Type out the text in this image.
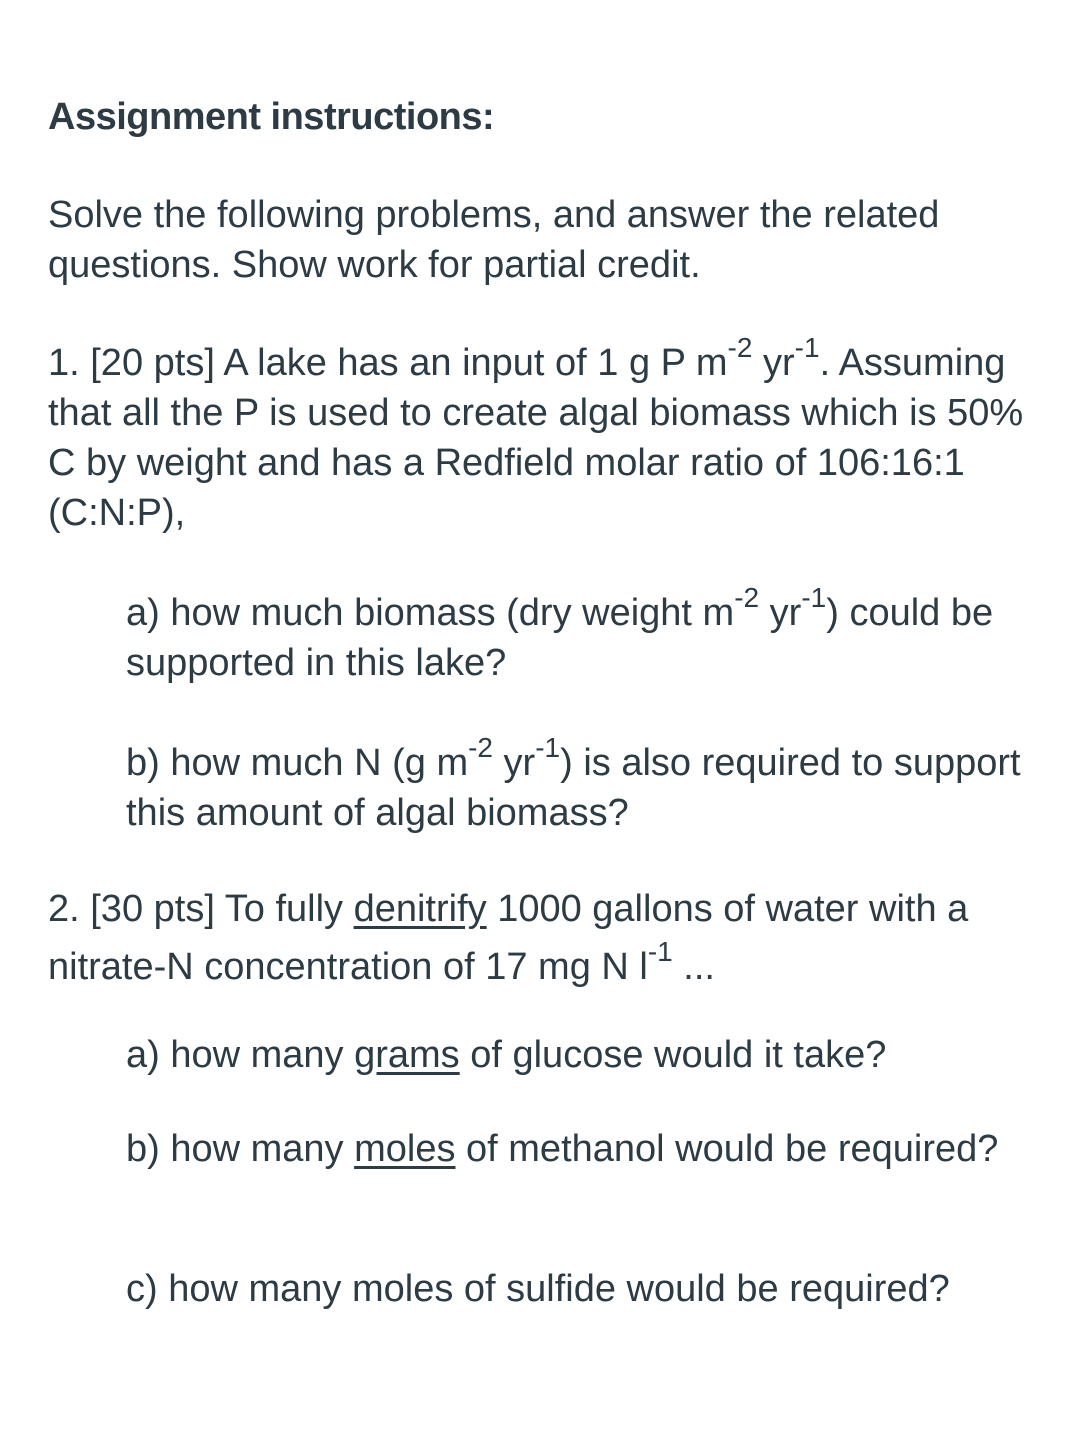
Assignment instructions:

Solve the following problems, and answer the related questions. Show work for partial credit.

1. [20 pts] A lake has an input of 1 g P $m^{-2}$ $yr^{-1}$. Assuming that all the P is used to create algal biomass which is 50% C by weight and has a Redfield molar ratio of 106:16:1 (C:N:P),

a) how much biomass (dry weight $m^{-2}$ $yr^{-1}$) could be supported in this lake?

b) how much N (g $m^{-2}$ $yr^{-1}$) is also required to support this amount of algal biomass?

2. [30 pts] To fully denitrify 1000 gallons of water with a nitrate-N concentration of 17 mg N $l^{-1}$ ...

a) how many grams of glucose would it take?

b) how many moles of methanol would be required?

c) how many moles of sulfide would be required?
